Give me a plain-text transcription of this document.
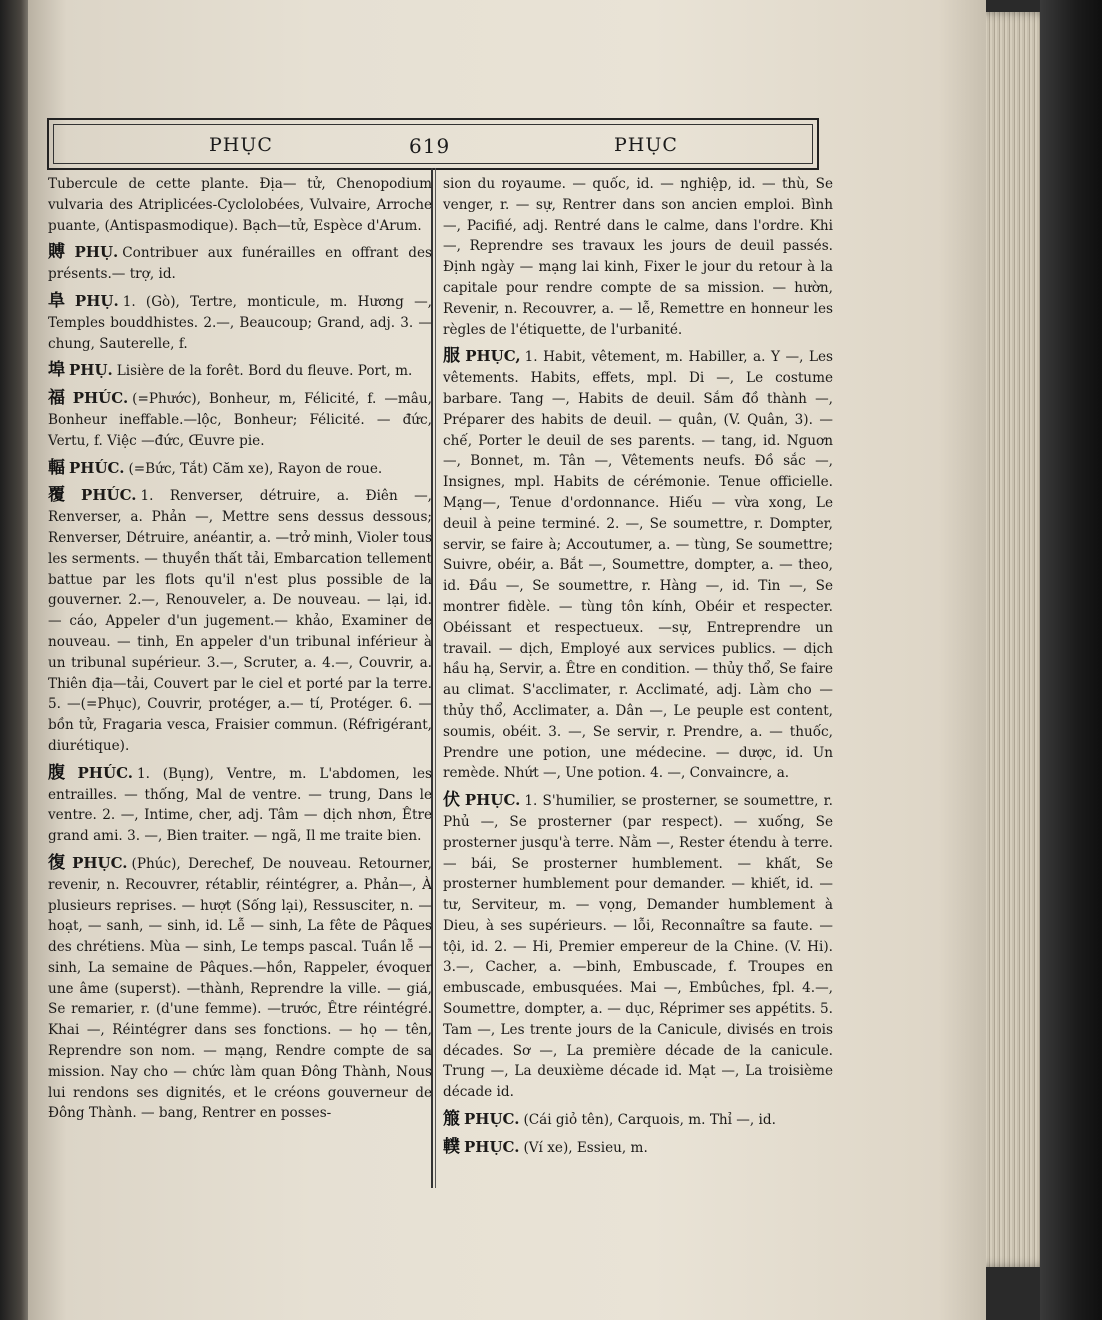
PHỤC	619	PHỤC

Tubercule de cette plante. Địa— tử, Chenopodium vulvaria des Atriplicées-Cyclolobées, Vulvaire, Arroche puante, (Antispasmodique). Bạch—tử, Espèce d'Arum.

賻 PHỤ. Contribuer aux funérailles en offrant des présents.— trợ, id.

阜 PHỤ. 1. (Gò), Tertre, monticule, m. Hương —, Temples bouddhistes. 2.—, Beaucoup; Grand, adj. 3. — chung, Sauterelle, f.

埠 PHỤ. Lisière de la forêt. Bord du fleuve. Port, m.

福 PHÚC. (=Phước), Bonheur, m, Félicité, f. —mâu, Bonheur ineffable.—lộc, Bonheur; Félicité. — đức, Vertu, f. Việc —đức, Œuvre pie.

輻 PHÚC. (=Bức, Tắt) Căm xe), Rayon de roue.

覆 PHÚC. 1. Renverser, détruire, a. Điên —, Renverser, a. Phản —, Mettre sens dessus dessous; Renverser, Détruire, anéantir, a. —trở minh, Violer tous les serments. — thuyền thất tải, Embarcation tellement battue par les flots qu'il n'est plus possible de la gouverner. 2.—, Renouveler, a. De nouveau. — lại, id. — cáo, Appeler d'un jugement.— khảo, Examiner de nouveau. — tinh, En appeler d'un tribunal inférieur à un tribunal supérieur. 3.—, Scruter, a. 4.—, Couvrir, a. Thiên địa—tải, Couvert par le ciel et porté par la terre. 5. —(=Phục), Couvrir, protéger, a.— tí, Protéger. 6. —bồn tử, Fragaria vesca, Fraisier commun. (Réfrigérant, diurétique).

腹 PHÚC. 1. (Bụng), Ventre, m. L'abdomen, les entrailles. — thống, Mal de ventre. — trung, Dans le ventre. 2. —, Intime, cher, adj. Tâm — dịch nhơn, Être grand ami. 3. —, Bien traiter. — ngã, Il me traite bien.

復 PHỤC. (Phúc), Derechef, De nouveau. Retourner, revenir, n. Recouvrer, rétablir, réintégrer, a. Phản—, À plusieurs reprises. — hượt (Sống lại), Ressusciter, n. — hoạt, — sanh, — sinh, id. Lễ — sinh, La fête de Pâques des chrétiens. Mùa — sinh, Le temps pascal. Tuần lễ — sinh, La semaine de Pâques.—hồn, Rappeler, évoquer une âme (superst). —thành, Reprendre la ville. — giá, Se remarier, r. (d'une femme). —trước, Être réintégré. Khai —, Réintégrer dans ses fonctions. — họ — tên, Reprendre son nom. — mạng, Rendre compte de sa mission. Nay cho — chức làm quan Đông Thành, Nous lui rendons ses dignités, et le créons gouverneur de Đông Thành. — bang, Rentrer en posses-

sion du royaume. — quốc, id. — nghiệp, id. — thù, Se venger, r. — sự, Rentrer dans son ancien emploi. Bình —, Pacifié, adj. Rentré dans le calme, dans l'ordre. Khi —, Reprendre ses travaux les jours de deuil passés. Định ngày — mạng lai kinh, Fixer le jour du retour à la capitale pour rendre compte de sa mission. — hườn, Revenir, n. Recouvrer, a. — lễ, Remettre en honneur les règles de l'étiquette, de l'urbanité.

服 PHỤC, 1. Habit, vêtement, m. Habiller, a. Y —, Les vêtements. Habits, effets, mpl. Di —, Le costume barbare. Tang —, Habits de deuil. Sắm đồ thành —, Préparer des habits de deuil. — quân, (V. Quân, 3). —chế, Porter le deuil de ses parents. — tang, id. Nguơn —, Bonnet, m. Tân —, Vêtements neufs. Đồ sắc —, Insignes, mpl. Habits de cérémonie. Tenue officielle. Mạng—, Tenue d'ordonnance. Hiếu — vừa xong, Le deuil à peine terminé. 2. —, Se soumettre, r. Dompter, servir, se faire à; Accoutumer, a. — tùng, Se soumettre; Suivre, obéir, a. Bắt —, Soumettre, dompter, a. — theo, id. Đầu —, Se soumettre, r. Hàng —, id. Tin —, Se montrer fidèle. — tùng tôn kính, Obéir et respecter. Obéissant et respectueux. —sự, Entreprendre un travail. — dịch, Employé aux services publics. — dịch hầu hạ, Servir, a. Être en condition. — thủy thổ, Se faire au climat. S'acclimater, r. Acclimaté, adj. Làm cho — thủy thổ, Acclimater, a. Dân —, Le peuple est content, soumis, obéit. 3. —, Se servir, r. Prendre, a. — thuốc, Prendre une potion, une médecine. — dược, id. Un remède. Nhứt —, Une potion. 4. —, Convaincre, a.

伏 PHỤC. 1. S'humilier, se prosterner, se soumettre, r. Phủ —, Se prosterner (par respect). — xuống, Se prosterner jusqu'à terre. Nằm —, Rester étendu à terre. — bái, Se prosterner humblement. — khất, Se prosterner humblement pour demander. — khiết, id. — tư, Serviteur, m. — vọng, Demander humblement à Dieu, à ses supérieurs. — lỗi, Reconnaître sa faute. — tội, id. 2. — Hi, Premier empereur de la Chine. (V. Hi). 3.—, Cacher, a. —binh, Embuscade, f. Troupes en embuscade, embusquées. Mai —, Embûches, fpl. 4.—, Soumettre, dompter, a. — dục, Réprimer ses appétits. 5. Tam —, Les trente jours de la Canicule, divisés en trois décades. Sơ —, La première décade de la canicule. Trung —, La deuxième décade id. Mạt —, La troisième décade id.

箙 PHỤC. (Cái giỏ tên), Carquois, m. Thỉ —, id.

轐 PHỤC. (Ví xe), Essieu, m.
